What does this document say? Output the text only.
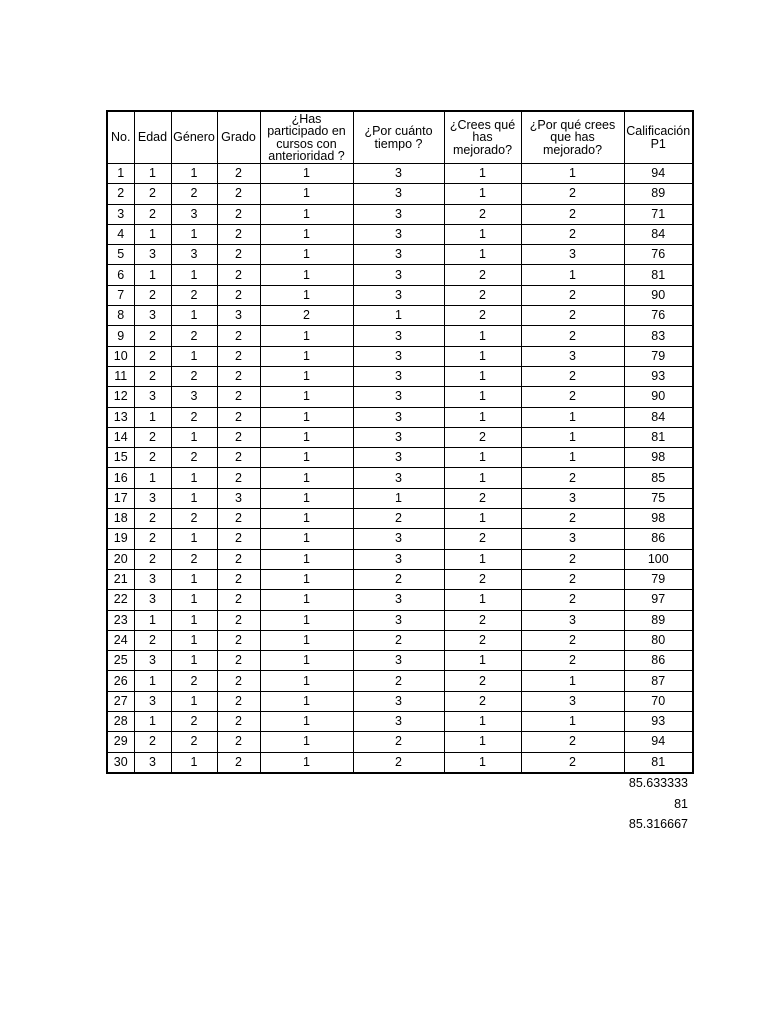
No.	Edad	Género	Grado	¿Has participado en cursos con anterioridad ?	¿Por cuánto tiempo ?	¿Crees qué has mejorado?	¿Por qué crees que has mejorado?	Calificación P1
1	1	1	2	1	3	1	1	94
2	2	2	2	1	3	1	2	89
3	2	3	2	1	3	2	2	71
4	1	1	2	1	3	1	2	84
5	3	3	2	1	3	1	3	76
6	1	1	2	1	3	2	1	81
7	2	2	2	1	3	2	2	90
8	3	1	3	2	1	2	2	76
9	2	2	2	1	3	1	2	83
10	2	1	2	1	3	1	3	79
11	2	2	2	1	3	1	2	93
12	3	3	2	1	3	1	2	90
13	1	2	2	1	3	1	1	84
14	2	1	2	1	3	2	1	81
15	2	2	2	1	3	1	1	98
16	1	1	2	1	3	1	2	85
17	3	1	3	1	1	2	3	75
18	2	2	2	1	2	1	2	98
19	2	1	2	1	3	2	3	86
20	2	2	2	1	3	1	2	100
21	3	1	2	1	2	2	2	79
22	3	1	2	1	3	1	2	97
23	1	1	2	1	3	2	3	89
24	2	1	2	1	2	2	2	80
25	3	1	2	1	3	1	2	86
26	1	2	2	1	2	2	1	87
27	3	1	2	1	3	2	3	70
28	1	2	2	1	3	1	1	93
29	2	2	2	1	2	1	2	94
30	3	1	2	1	2	1	2	81
85.633333
81
85.316667
